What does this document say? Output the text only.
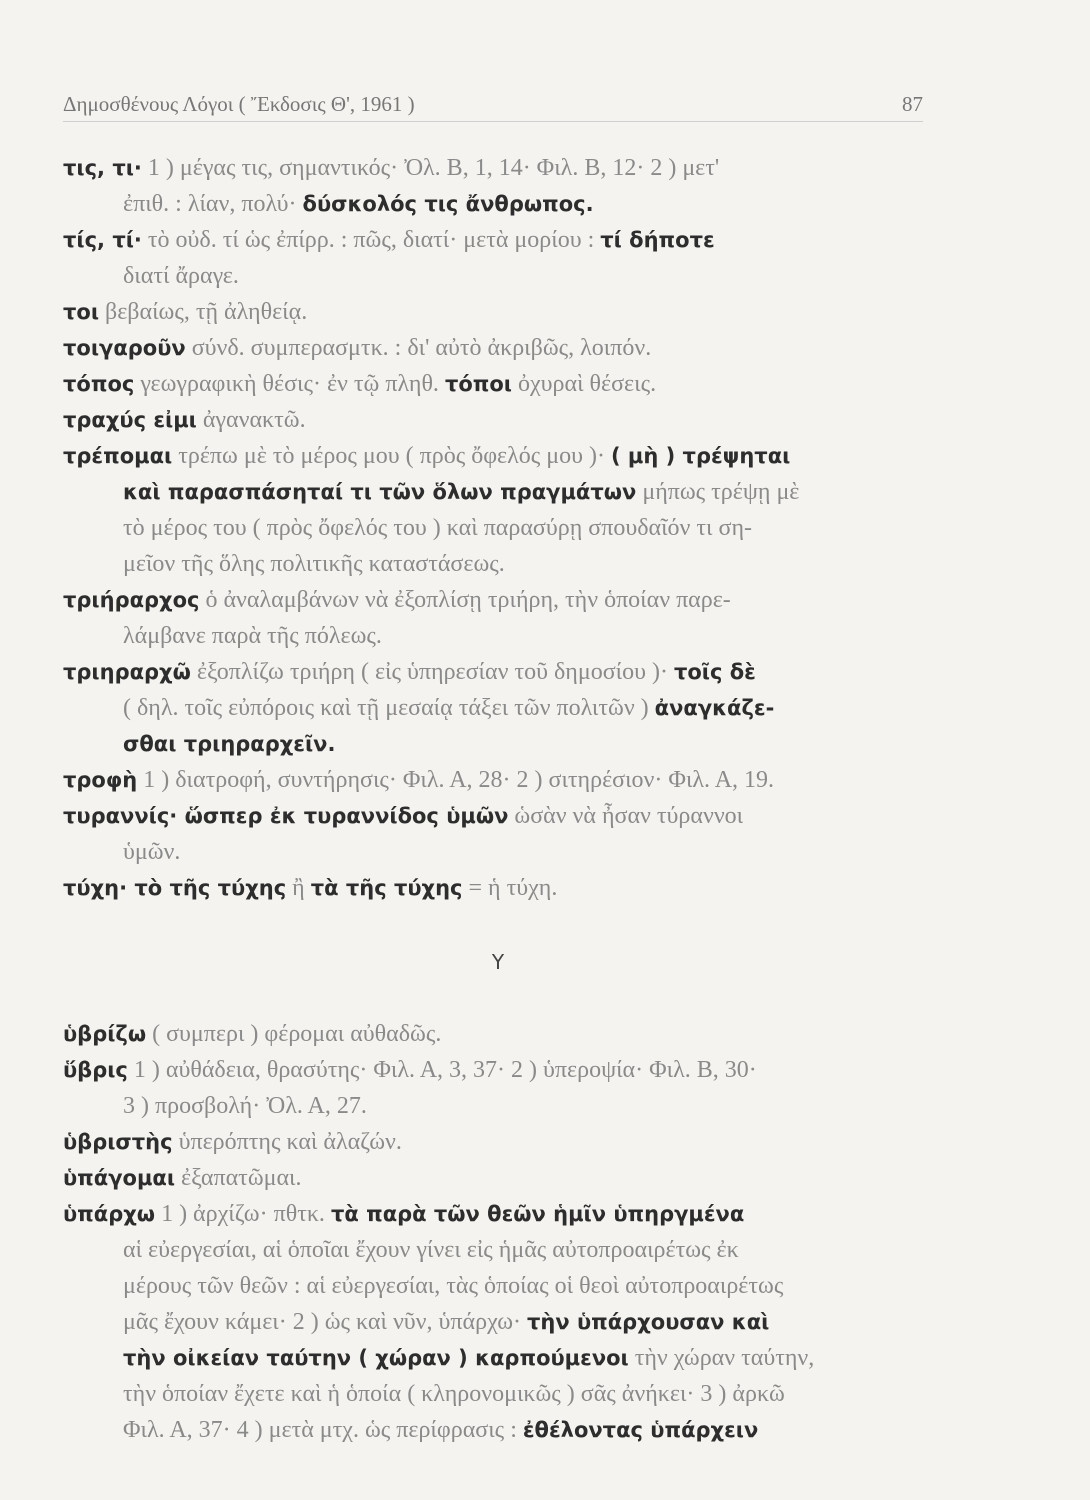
Δημοσθένους Λόγοι ( Ἔκδοσις Θ', 1961 )	87
τις, τι· 1 ) μέγας τις, σημαντικός· Ὀλ. Β, 1, 14· Φιλ. Β, 12· 2 ) μετ'
ἐπιθ. : λίαν, πολύ· δύσκολός τις ἄνθρωπος.
τίς, τί· τὸ οὐδ. τί ὡς ἐπίρρ. : πῶς, διατί· μετὰ μορίου : τί δήποτε
διατί ἄραγε.
τοι βεβαίως, τῇ ἀληθείᾳ.
τοιγαροῦν σύνδ. συμπερασμτκ. : δι' αὐτὸ ἀκριβῶς, λοιπόν.
τόπος γεωγραφικὴ θέσις· ἐν τῷ πληθ. τόποι ὀχυραὶ θέσεις.
τραχύς εἰμι ἀγανακτῶ.
τρέπομαι τρέπω μὲ τὸ μέρος μου ( πρὸς ὄφελός μου )· ( μὴ ) τρέψηται
καὶ παρασπάσηταί τι τῶν ὅλων πραγμάτων μήπως τρέψῃ μὲ
τὸ μέρος του ( πρὸς ὄφελός του ) καὶ παρασύρῃ σπουδαῖόν τι ση-
μεῖον τῆς ὅλης πολιτικῆς καταστάσεως.
τριήραρχος ὁ ἀναλαμβάνων νὰ ἐξοπλίσῃ τριήρη, τὴν ὁποίαν παρε-
λάμβανε παρὰ τῆς πόλεως.
τριηραρχῶ ἐξοπλίζω τριήρη ( εἰς ὑπηρεσίαν τοῦ δημοσίου )· τοῖς δὲ
( δηλ. τοῖς εὐπόροις καὶ τῇ μεσαίᾳ τάξει τῶν πολιτῶν ) ἀναγκάζε-
σθαι τριηραρχεῖν.
τροφὴ 1 ) διατροφή, συντήρησις· Φιλ. Α, 28· 2 ) σιτηρέσιον· Φιλ. Α, 19.
τυραννίς· ὥσπερ ἐκ τυραννίδος ὑμῶν ὡσὰν νὰ ἦσαν τύραννοι
ὑμῶν.
τύχη· τὸ τῆς τύχης ἢ τὰ τῆς τύχης = ἡ τύχη.
Υ
ὑβρίζω ( συμπερι ) φέρομαι αὐθαδῶς.
ὕβρις 1 ) αὐθάδεια, θρασύτης· Φιλ. Α, 3, 37· 2 ) ὑπεροψία· Φιλ. Β, 30·
3 ) προσβολή· Ὀλ. Α, 27.
ὑβριστὴς ὑπερόπτης καὶ ἀλαζών.
ὑπάγομαι ἐξαπατῶμαι.
ὑπάρχω 1 ) ἀρχίζω· πθτκ. τὰ παρὰ τῶν θεῶν ἡμῖν ὑπηργμένα
αἱ εὐεργεσίαι, αἱ ὁποῖαι ἔχουν γίνει εἰς ἡμᾶς αὐτοπροαιρέτως ἐκ
μέρους τῶν θεῶν : αἱ εὐεργεσίαι, τὰς ὁποίας οἱ θεοὶ αὐτοπροαιρέτως
μᾶς ἔχουν κάμει· 2 ) ὡς καὶ νῦν, ὑπάρχω· τὴν ὑπάρχουσαν καὶ
τὴν οἰκείαν ταύτην ( χώραν ) καρπούμενοι τὴν χώραν ταύτην,
τὴν ὁποίαν ἔχετε καὶ ἡ ὁποία ( κληρονομικῶς ) σᾶς ἀνήκει· 3 ) ἀρκῶ
Φιλ. Α, 37· 4 ) μετὰ μτχ. ὡς περίφρασις : ἐθέλοντας ὑπάρχειν
